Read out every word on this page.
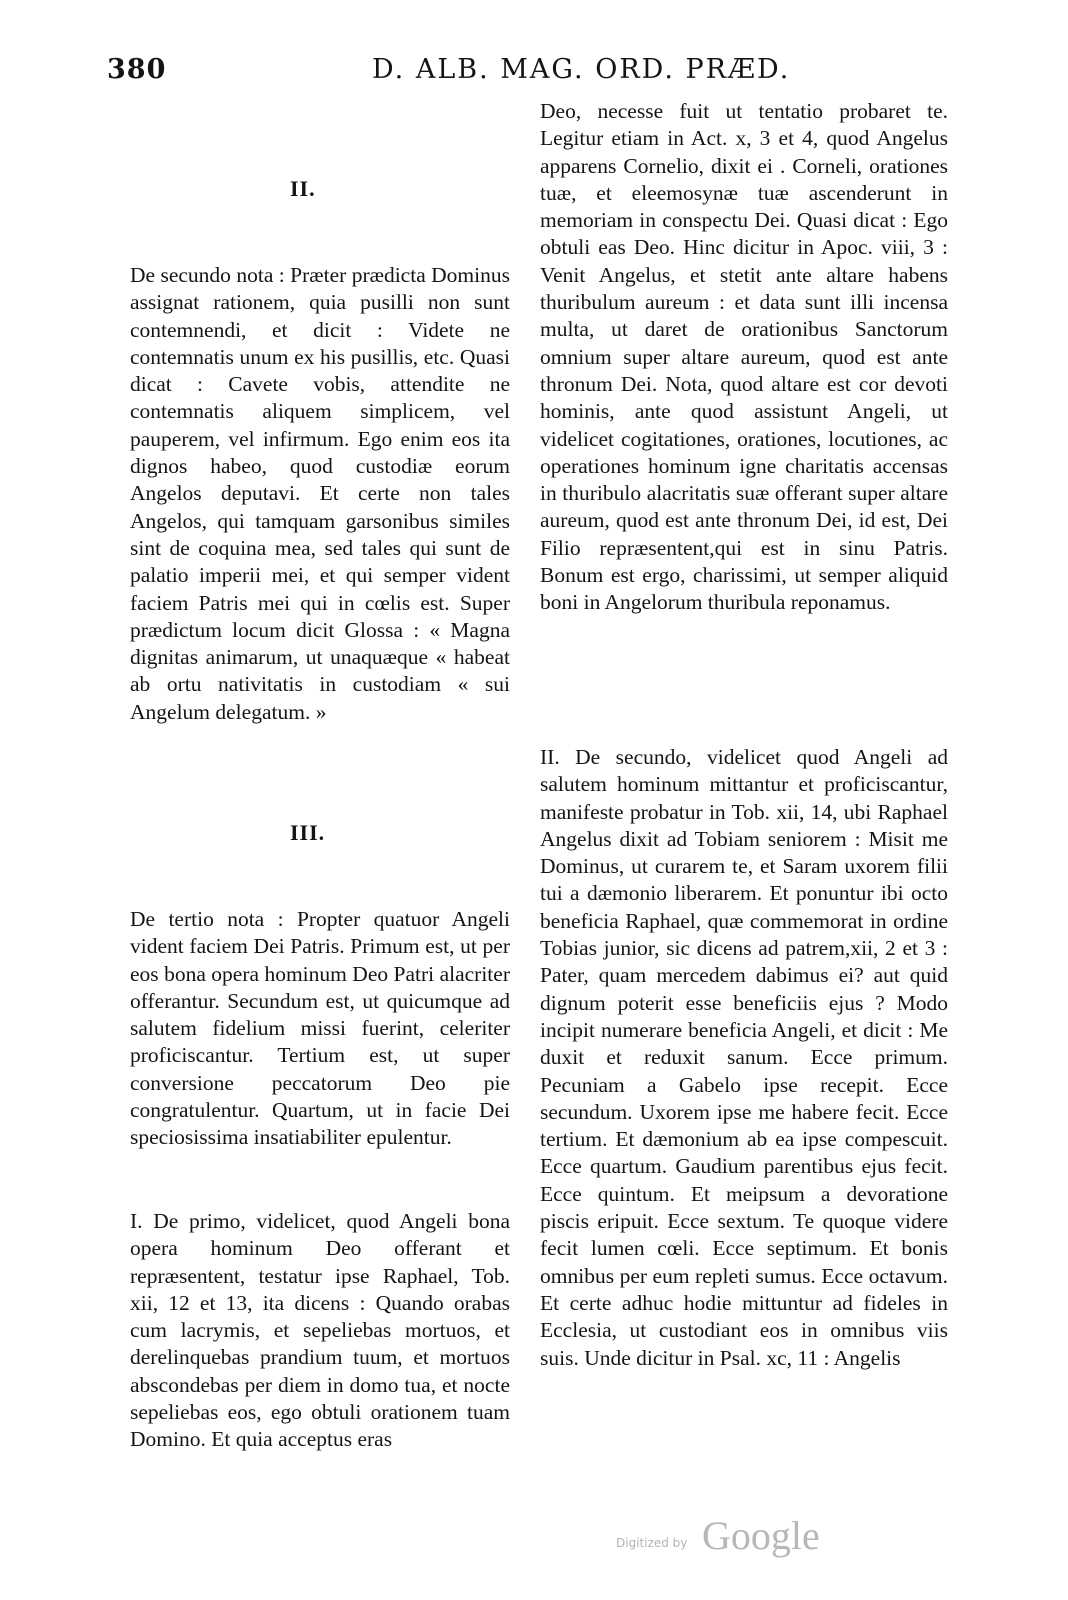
380	D. ALB. MAG. ORD. PRÆD.
II.

De secundo nota : Præter prædicta Dominus assignat rationem, quia pusilli non sunt contemnendi, et dicit : Videte ne contemnatis unum ex his pusillis, etc. Quasi dicat : Cavete vobis, attendite ne contemnatis aliquem simplicem, vel pauperem, vel infirmum. Ego enim eos ita dignos habeo, quod custodiæ eorum Angelos deputavi. Et certe non tales Angelos, qui tamquam garsonibus similes sint de coquina mea, sed tales qui sunt de palatio imperii mei, et qui semper vident faciem Patris mei qui in cœlis est. Super prædictum locum dicit Glossa : « Magna dignitas animarum, ut unaquæque « habeat ab ortu nativitatis in custodiam « sui Angelum delegatum. »

III.

De tertio nota : Propter quatuor Angeli vident faciem Dei Patris. Primum est, ut per eos bona opera hominum Deo Patri alacriter offerantur. Secundum est, ut quicumque ad salutem fidelium missi fuerint, celeriter proficiscantur. Tertium est, ut super conversione peccatorum Deo pie congratulentur. Quartum, ut in facie Dei speciosissima insatiabiliter epulentur.

I. De primo, videlicet, quod Angeli bona opera hominum Deo offerant et repræsentent, testatur ipse Raphael, Tob. xii, 12 et 13, ita dicens : Quando orabas cum lacrymis, et sepeliebas mortuos, et derelinquebas prandium tuum, et mortuos abscondebas per diem in domo tua, et nocte sepeliebas eos, ego obtuli orationem tuam Domino. Et quia acceptus eras

Deo, necesse fuit ut tentatio probaret te. Legitur etiam in Act. x, 3 et 4, quod Angelus apparens Cornelio, dixit ei . Corneli, orationes tuæ, et eleemosynæ tuæ ascenderunt in memoriam in conspectu Dei. Quasi dicat : Ego obtuli eas Deo. Hinc dicitur in Apoc. viii, 3 : Venit Angelus, et stetit ante altare habens thuribulum aureum : et data sunt illi incensa multa, ut daret de orationibus Sanctorum omnium super altare aureum, quod est ante thronum Dei. Nota, quod altare est cor devoti hominis, ante quod assistunt Angeli, ut videlicet cogitationes, orationes, locutiones, ac operationes hominum igne charitatis accensas in thuribulo alacritatis suæ offerant super altare aureum, quod est ante thronum Dei, id est, Dei Filio repræsentent,qui est in sinu Patris. Bonum est ergo, charissimi, ut semper aliquid boni in Angelorum thuribula reponamus.

II. De secundo, videlicet quod Angeli ad salutem hominum mittantur et proficiscantur, manifeste probatur in Tob. xii, 14, ubi Raphael Angelus dixit ad Tobiam seniorem : Misit me Dominus, ut curarem te, et Saram uxorem filii tui a dæmonio liberarem. Et ponuntur ibi octo beneficia Raphael, quæ commemorat in ordine Tobias junior, sic dicens ad patrem,xii, 2 et 3 : Pater, quam mercedem dabimus ei? aut quid dignum poterit esse beneficiis ejus ? Modo incipit numerare beneficia Angeli, et dicit : Me duxit et reduxit sanum. Ecce primum. Pecuniam a Gabelo ipse recepit. Ecce secundum. Uxorem ipse me habere fecit. Ecce tertium. Et dæmonium ab ea ipse compescuit. Ecce quartum. Gaudium parentibus ejus fecit. Ecce quintum. Et meipsum a devoratione piscis eripuit. Ecce sextum. Te quoque videre fecit lumen cœli. Ecce septimum. Et bonis omnibus per eum repleti sumus. Ecce octavum. Et certe adhuc hodie mittuntur ad fideles in Ecclesia, ut custodiant eos in omnibus viis suis. Unde dicitur in Psal. xc, 11 : Angelis

Digitized by Google
